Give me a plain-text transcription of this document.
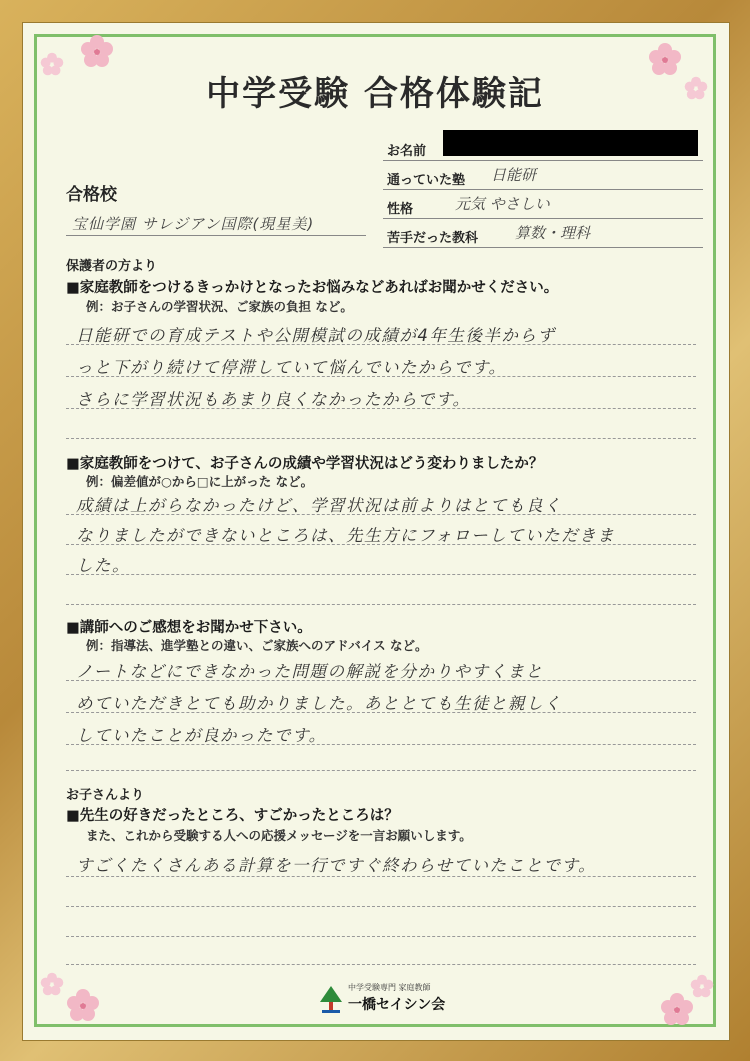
中学受験 合格体験記
お名前
通っていた塾 日能研
性格	元気 やさしい
苦手だった教科 算数・理科
合格校
宝仙学園 サレジアン国際(現星美)
保護者の方より
■家庭教師をつけるきっかけとなったお悩みなどあればお聞かせください。
例：お子さんの学習状況、ご家族の負担 など。
日能研での育成テストや公開模試の成績が4年生後半からず
っと下がり続けて停滞していて悩んでいたからです。
さらに学習状況もあまり良くなかったからです。
■家庭教師をつけて、お子さんの成績や学習状況はどう変わりましたか？
例：偏差値が○から□に上がった など。
成績は上がらなかったけど、学習状況は前よりはとても良く
なりましたができないところは、先生方にフォローしていただきま
した。
■講師へのご感想をお聞かせ下さい。
例：指導法、進学塾との違い、ご家族へのアドバイス など。
ノートなどにできなかった問題の解説を分かりやすくまと
めていただきとても助かりました。あととても生徒と親しく
していたことが良かったです。
お子さんより
■先生の好きだったところ、すごかったところは？
また、これから受験する人への応援メッセージを一言お願いします。
すごくたくさんある計算を一行ですぐ終わらせていたことです。
中学受験専門 家庭教師
一橋セイシン会
